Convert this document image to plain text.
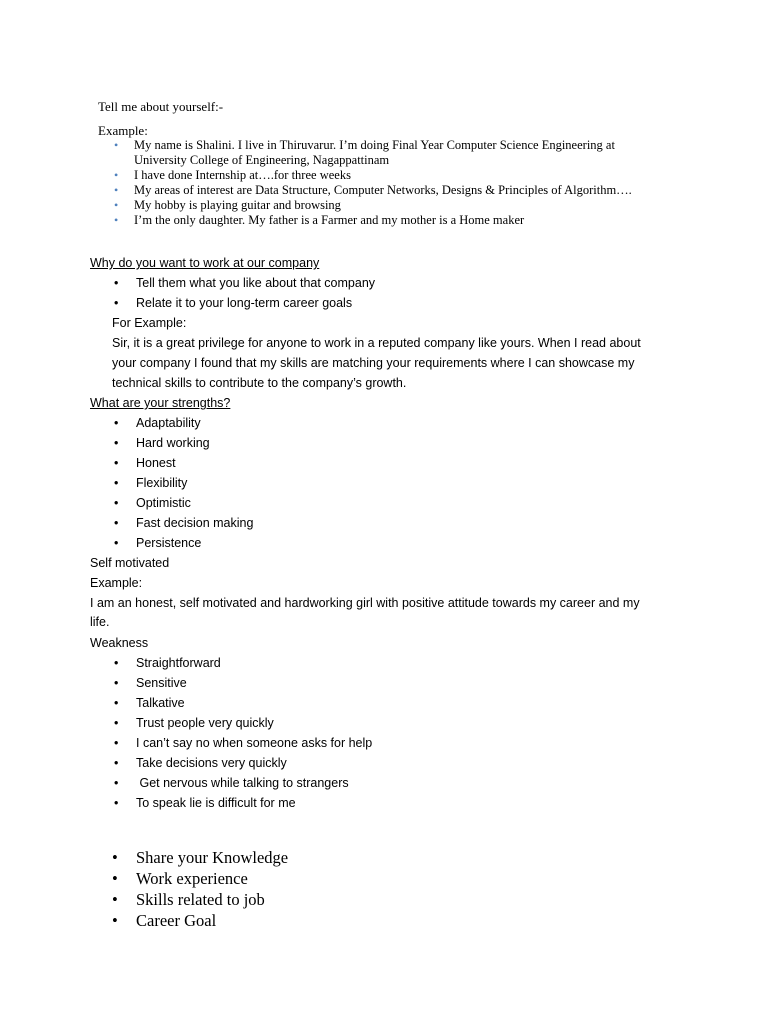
Tell me about yourself:-
Example:
• My name is Shalini. I live in Thiruvarur. I’m doing Final Year Computer Science Engineering at
University College of Engineering, Nagappattinam
• I have done Internship at….for three weeks
• My areas of interest are Data Structure, Computer Networks, Designs & Principles of Algorithm….
• My hobby is playing guitar and browsing
• I’m the only daughter. My father is a Farmer and my mother is a Home maker
Why do you want to work at our company
• Tell them what you like about that company
• Relate it to your long-term career goals
For Example:
Sir, it is a great privilege for anyone to work in a reputed company like yours. When I read about
your company I found that my skills are matching your requirements where I can showcase my
technical skills to contribute to the company’s growth.
What are your strengths?
• Adaptability
• Hard working
• Honest
• Flexibility
• Optimistic
• Fast decision making
• Persistence
Self motivated
Example:
I am an honest, self motivated and hardworking girl with positive attitude towards my career and my
life.
Weakness
• Straightforward
• Sensitive
• Talkative
• Trust people very quickly
• I can’t say no when someone asks for help
• Take decisions very quickly
• Get nervous while talking to strangers
• To speak lie is difficult for me
• Share your Knowledge
• Work experience
• Skills related to job
• Career Goal
